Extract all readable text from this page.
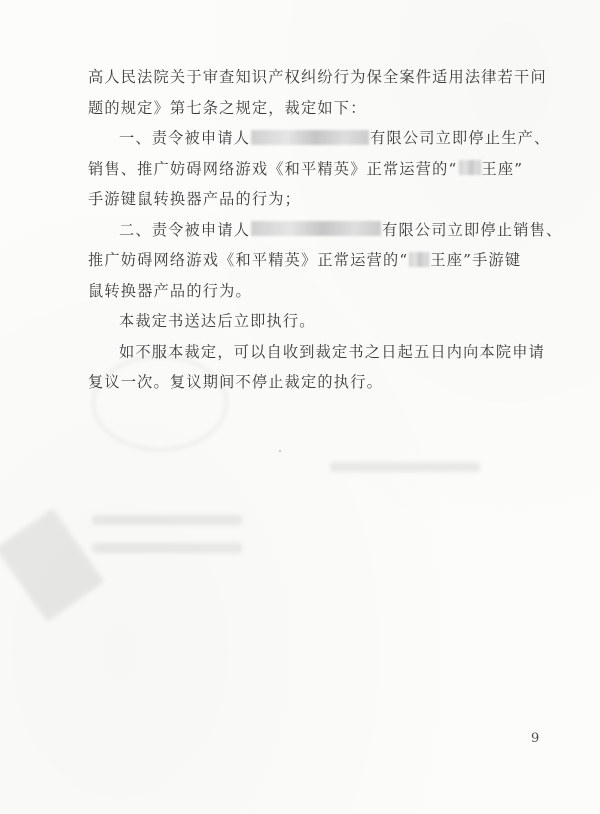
高人民法院关于审查知识产权纠纷行为保全案件适用法律若干问
题的规定》第七条之规定，裁定如下：
一、责令被申请人	有限公司立即停止生产、
销售、推广妨碍网络游戏《和平精英》正常运营的“ 王座”
手游键鼠转换器产品的行为；
二、责令被申请人	有限公司立即停止销售、
推广妨碍网络游戏《和平精英》正常运营的“ 王座”手游键
鼠转换器产品的行为。
本裁定书送达后立即执行。
如不服本裁定，可以自收到裁定书之日起五日内向本院申请
复议一次。复议期间不停止裁定的执行。
9
